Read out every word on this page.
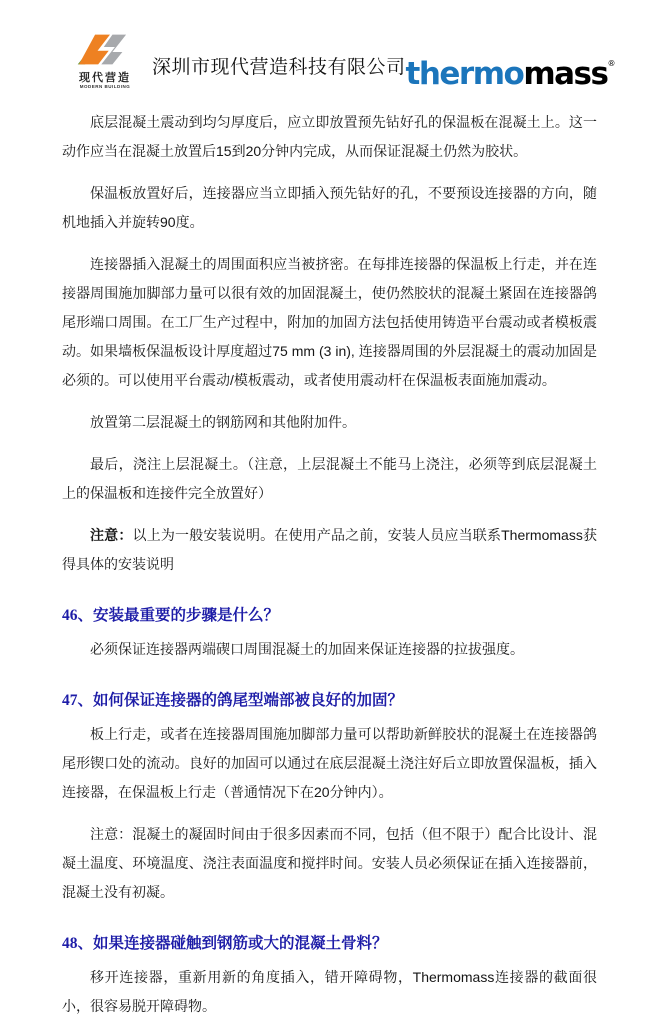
现代营造
MODERN BUILDING
深圳市现代营造科技有限公司 thermomass®

底层混凝土震动到均匀厚度后，应立即放置预先钻好孔的保温板在混凝土上。这一动作应当在混凝土放置后15到20分钟内完成，从而保证混凝土仍然为胶状。

保温板放置好后，连接器应当立即插入预先钻好的孔，不要预设连接器的方向，随机地插入并旋转90度。

连接器插入混凝土的周围面积应当被挤密。在每排连接器的保温板上行走，并在连接器周围施加脚部力量可以很有效的加固混凝土，使仍然胶状的混凝土紧固在连接器鸽尾形端口周围。在工厂生产过程中，附加的加固方法包括使用铸造平台震动或者模板震动。如果墙板保温板设计厚度超过75 mm (3 in), 连接器周围的外层混凝土的震动加固是必须的。可以使用平台震动/模板震动，或者使用震动杆在保温板表面施加震动。

放置第二层混凝土的钢筋网和其他附加件。

最后，浇注上层混凝土。（注意，上层混凝土不能马上浇注，必须等到底层混凝土上的保温板和连接件完全放置好）

注意：以上为一般安装说明。在使用产品之前，安装人员应当联系Thermomass获得具体的安装说明

46、安装最重要的步骤是什么？

必须保证连接器两端碶口周围混凝土的加固来保证连接器的拉拔强度。

47、如何保证连接器的鸽尾型端部被良好的加固？

板上行走，或者在连接器周围施加脚部力量可以帮助新鲜胶状的混凝土在连接器鸽尾形锲口处的流动。良好的加固可以通过在底层混凝土浇注好后立即放置保温板，插入连接器，在保温板上行走（普通情况下在20分钟内）。

注意：混凝土的凝固时间由于很多因素而不同，包括（但不限于）配合比设计、混凝土温度、环境温度、浇注表面温度和搅拌时间。安装人员必须保证在插入连接器前，混凝土没有初凝。

48、如果连接器碰触到钢筋或大的混凝土骨料？

移开连接器，重新用新的角度插入，错开障碍物，Thermomass连接器的截面很小，很容易脱开障碍物。
